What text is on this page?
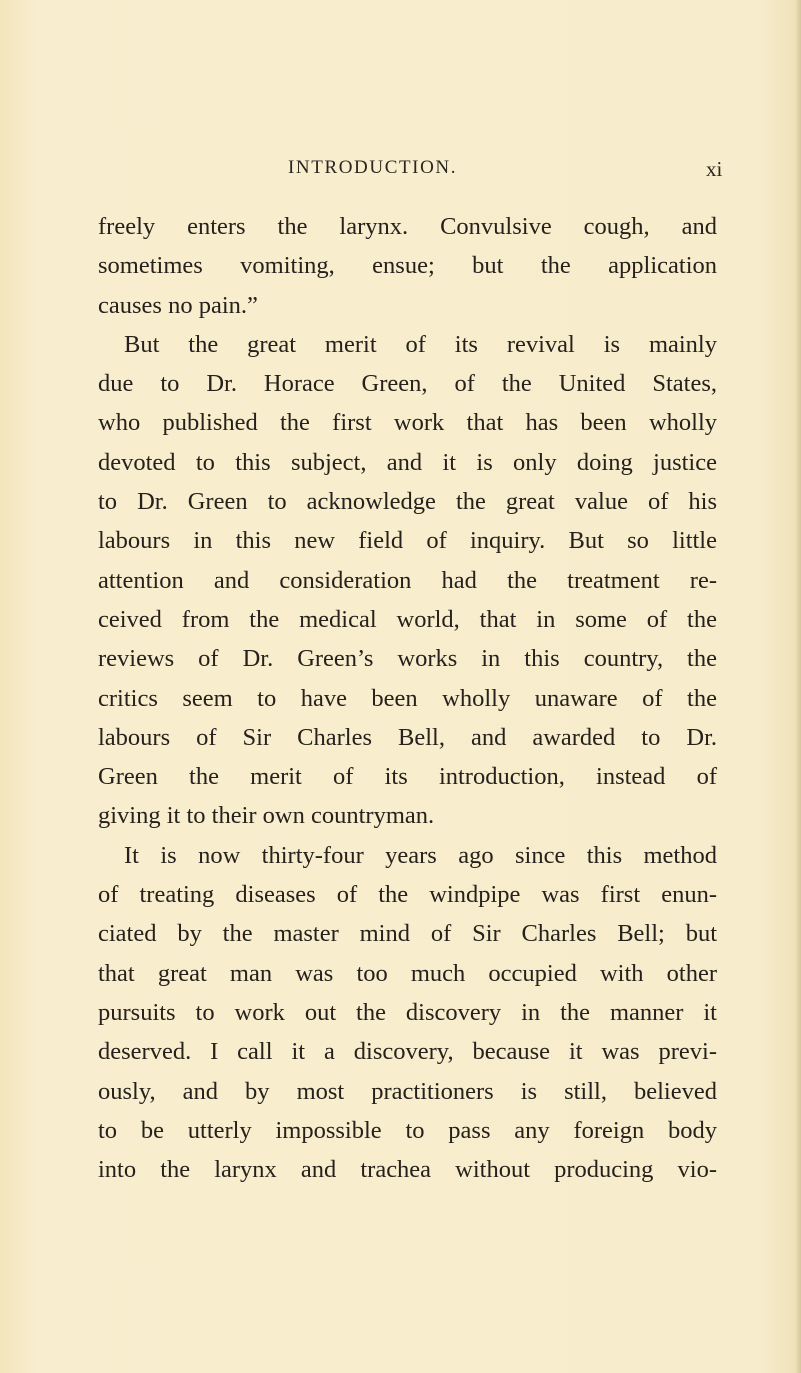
INTRODUCTION.	xi
freely enters the larynx. Convulsive cough, and
sometimes vomiting, ensue; but the application
causes no pain.”
But the great merit of its revival is mainly
due to Dr. Horace Green, of the United States,
who published the first work that has been wholly
devoted to this subject, and it is only doing justice
to Dr. Green to acknowledge the great value of his
labours in this new field of inquiry. But so little
attention and consideration had the treatment re-
ceived from the medical world, that in some of the
reviews of Dr. Green’s works in this country, the
critics seem to have been wholly unaware of the
labours of Sir Charles Bell, and awarded to Dr.
Green the merit of its introduction, instead of
giving it to their own countryman.
It is now thirty-four years ago since this method
of treating diseases of the windpipe was first enun-
ciated by the master mind of Sir Charles Bell; but
that great man was too much occupied with other
pursuits to work out the discovery in the manner it
deserved. I call it a discovery, because it was previ-
ously, and by most practitioners is still, believed
to be utterly impossible to pass any foreign body
into the larynx and trachea without producing vio-
